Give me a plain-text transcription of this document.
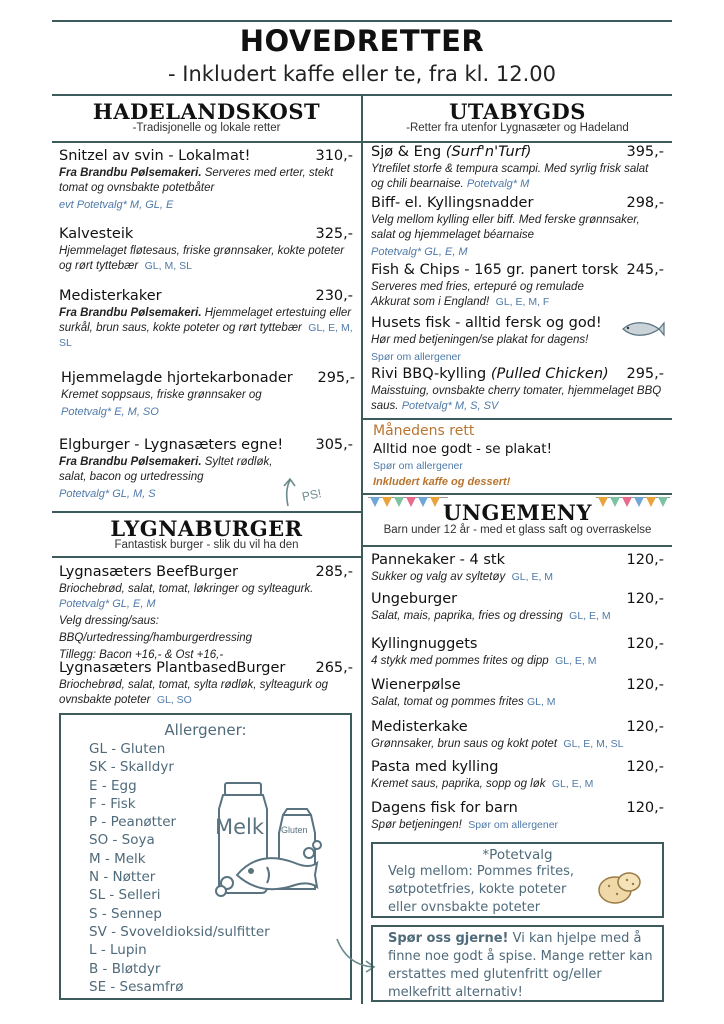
HOVEDRETTER
- Inkludert kaffe eller te, fra kl. 12.00
HADELANDSKOST
-Tradisjonelle og lokale retter
Snitzel av svin - Lokalmat!	310,-
Fra Brandbu Pølsemakeri. Serveres med erter, stekt tomat og ovnsbakte potetbåter
evt Potetvalg* M, GL, E
Kalvesteik	325,-
Hjemmelaget fløtesaus, friske grønnsaker, kokte poteter og rørt tyttebær GL, M, SL
Medisterkaker	230,-
Fra Brandbu Pølsemakeri. Hjemmelaget ertestuing eller surkål, brun saus, kokte poteter og rørt tyttebær GL, E, M, SL
Hjemmelagde hjortekarbonader	295,-
Kremet soppsaus, friske grønnsaker og
Potetvalg* E, M, SO
Elgburger - Lygnasæters egne!	305,-
Fra Brandbu Pølsemakeri. Syltet rødløk, salat, bacon og urtedressing
Potetvalg* GL, M, S	PS!
LYGNABURGER
Fantastisk burger - slik du vil ha den
Lygnasæters BeefBurger	285,-
Briochebrød, salat, tomat, løkringer og sylteagurk. Potetvalg* GL, E, M
Velg dressing/saus:
BBQ/urtedressing/hamburgerdressing
Tillegg: Bacon +16,- & Ost +16,-
Lygnasæters PlantbasedBurger	265,-
Briochebrød, salat, tomat, sylta rødløk, sylteagurk og ovnsbakte poteter GL, SO
Allergener:
GL - Gluten
SK - Skalldyr
E - Egg
F - Fisk
P - Peanøtter
SO - Soya
M - Melk
N - Nøtter
SL - Selleri
S - Sennep
SV - Svoveldioksid/sulfitter
L - Lupin
B - Bløtdyr
SE - Sesamfrø
Melk Gluten
UTABYGDS
-Retter fra utenfor Lygnasæter og Hadeland
Sjø & Eng (Surf'n'Turf)	395,-
Ytrefilet storfe & tempura scampi. Med syrlig frisk salat og chili bearnaise. Potetvalg* M
Biff- el. Kyllingsnadder	298,-
Velg mellom kylling eller biff. Med ferske grønnsaker, salat og hjemmelaget béarnaise
Potetvalg* GL, E, M
Fish & Chips - 165 gr. panert torsk 245,-
Serveres med fries, ertepuré og remulade Akkurat som i England! GL, E, M, F
Husets fisk - alltid fersk og god!
Hør med betjeningen/se plakat for dagens!
Spør om allergener
Rivi BBQ-kylling (Pulled Chicken)	295,-
Maisstuing, ovnsbakte cherry tomater, hjemmelaget BBQ saus. Potetvalg* M, S, SV
Månedens rett
Alltid noe godt - se plakat!
Spør om allergener
Inkludert kaffe og dessert!
UNGEMENY
Barn under 12 år - med et glass saft og overraskelse
Pannekaker - 4 stk	120,-
Sukker og valg av syltetøy GL, E, M
Ungeburger	120,-
Salat, mais, paprika, fries og dressing GL, E, M
Kyllingnuggets	120,-
4 stykk med pommes frites og dipp GL, E, M
Wienerpølse	120,-
Salat, tomat og pommes frites GL, M
Medisterkake	120,-
Grønnsaker, brun saus og kokt potet GL, E, M, SL
Pasta med kylling	120,-
Kremet saus, paprika, sopp og løk GL, E, M
Dagens fisk for barn	120,-
Spør betjeningen! Spør om allergener
*Potetvalg
Velg mellom: Pommes frites, søtpotetfries, kokte poteter eller ovnsbakte poteter
Spør oss gjerne! Vi kan hjelpe med å finne noe godt å spise. Mange retter kan erstattes med glutenfritt og/eller melkefritt alternativ!
